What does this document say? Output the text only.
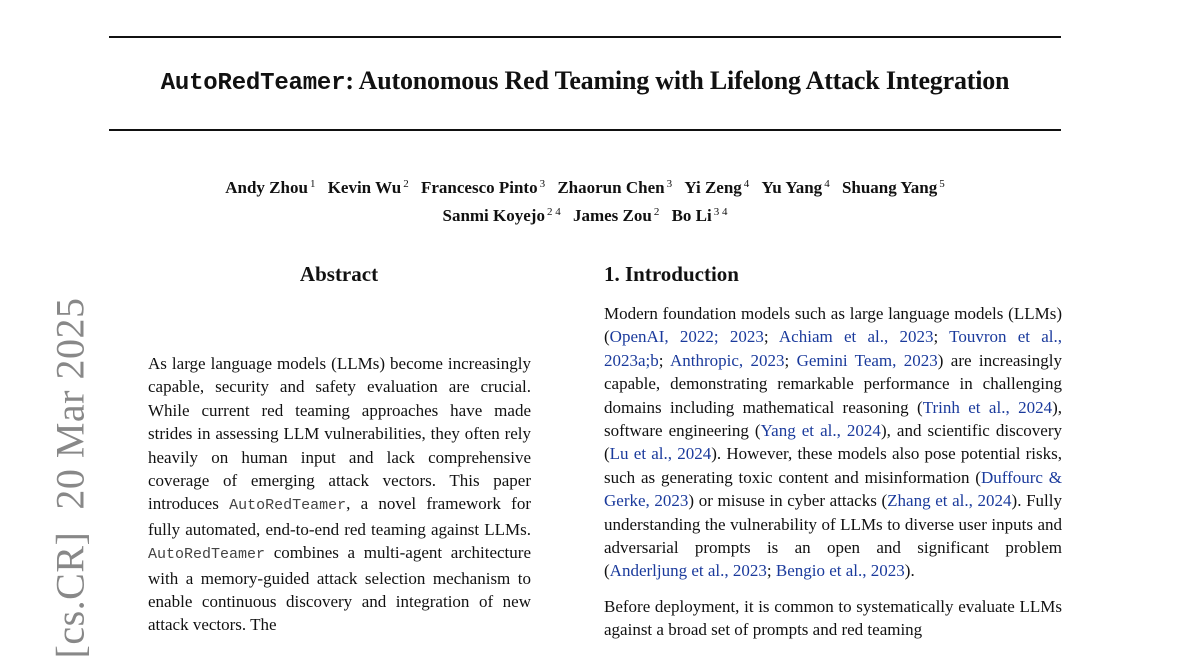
AutoRedTeamer: Autonomous Red Teaming with Lifelong Attack Integration
Andy Zhou $^1$ Kevin Wu $^2$ Francesco Pinto $^3$ Zhaorun Chen $^3$ Yi Zeng $^4$ Yu Yang $^4$ Shuang Yang $^5$
Sanmi Koyejo $^{2 4}$ James Zou $^2$ Bo Li $^{3 4}$
[cs.CR]20 Mar 2025
Abstract	1. Introduction
As large language models (LLMs) become increasingly capable, security and safety evaluation are crucial. While current red teaming approaches have made strides in assessing LLM vulnerabilities, they often rely heavily on human input and lack comprehensive coverage of emerging attack vectors. This paper introduces AutoRedTeamer, a novel framework for fully automated, end-to-end red teaming against LLMs. AutoRedTeamer combines a multi-agent architecture with a memory-guided attack selection mechanism to enable continuous discovery and integration of new attack vectors. The
Modern foundation models such as large language models (LLMs) (OpenAI, 2022; 2023; Achiam et al., 2023; Touvron et al., 2023a;b; Anthropic, 2023; Gemini Team, 2023) are increasingly capable, demonstrating remarkable performance in challenging domains including mathematical reasoning (Trinh et al., 2024), software engineering (Yang et al., 2024), and scientific discovery (Lu et al., 2024). However, these models also pose potential risks, such as generating toxic content and misinformation (Duffourc & Gerke, 2023) or misuse in cyber attacks (Zhang et al., 2024). Fully understanding the vulnerability of LLMs to diverse user inputs and adversarial prompts is an open and significant problem (Anderljung et al., 2023; Bengio et al., 2023).
Before deployment, it is common to systematically evaluate LLMs against a broad set of prompts and red teaming
